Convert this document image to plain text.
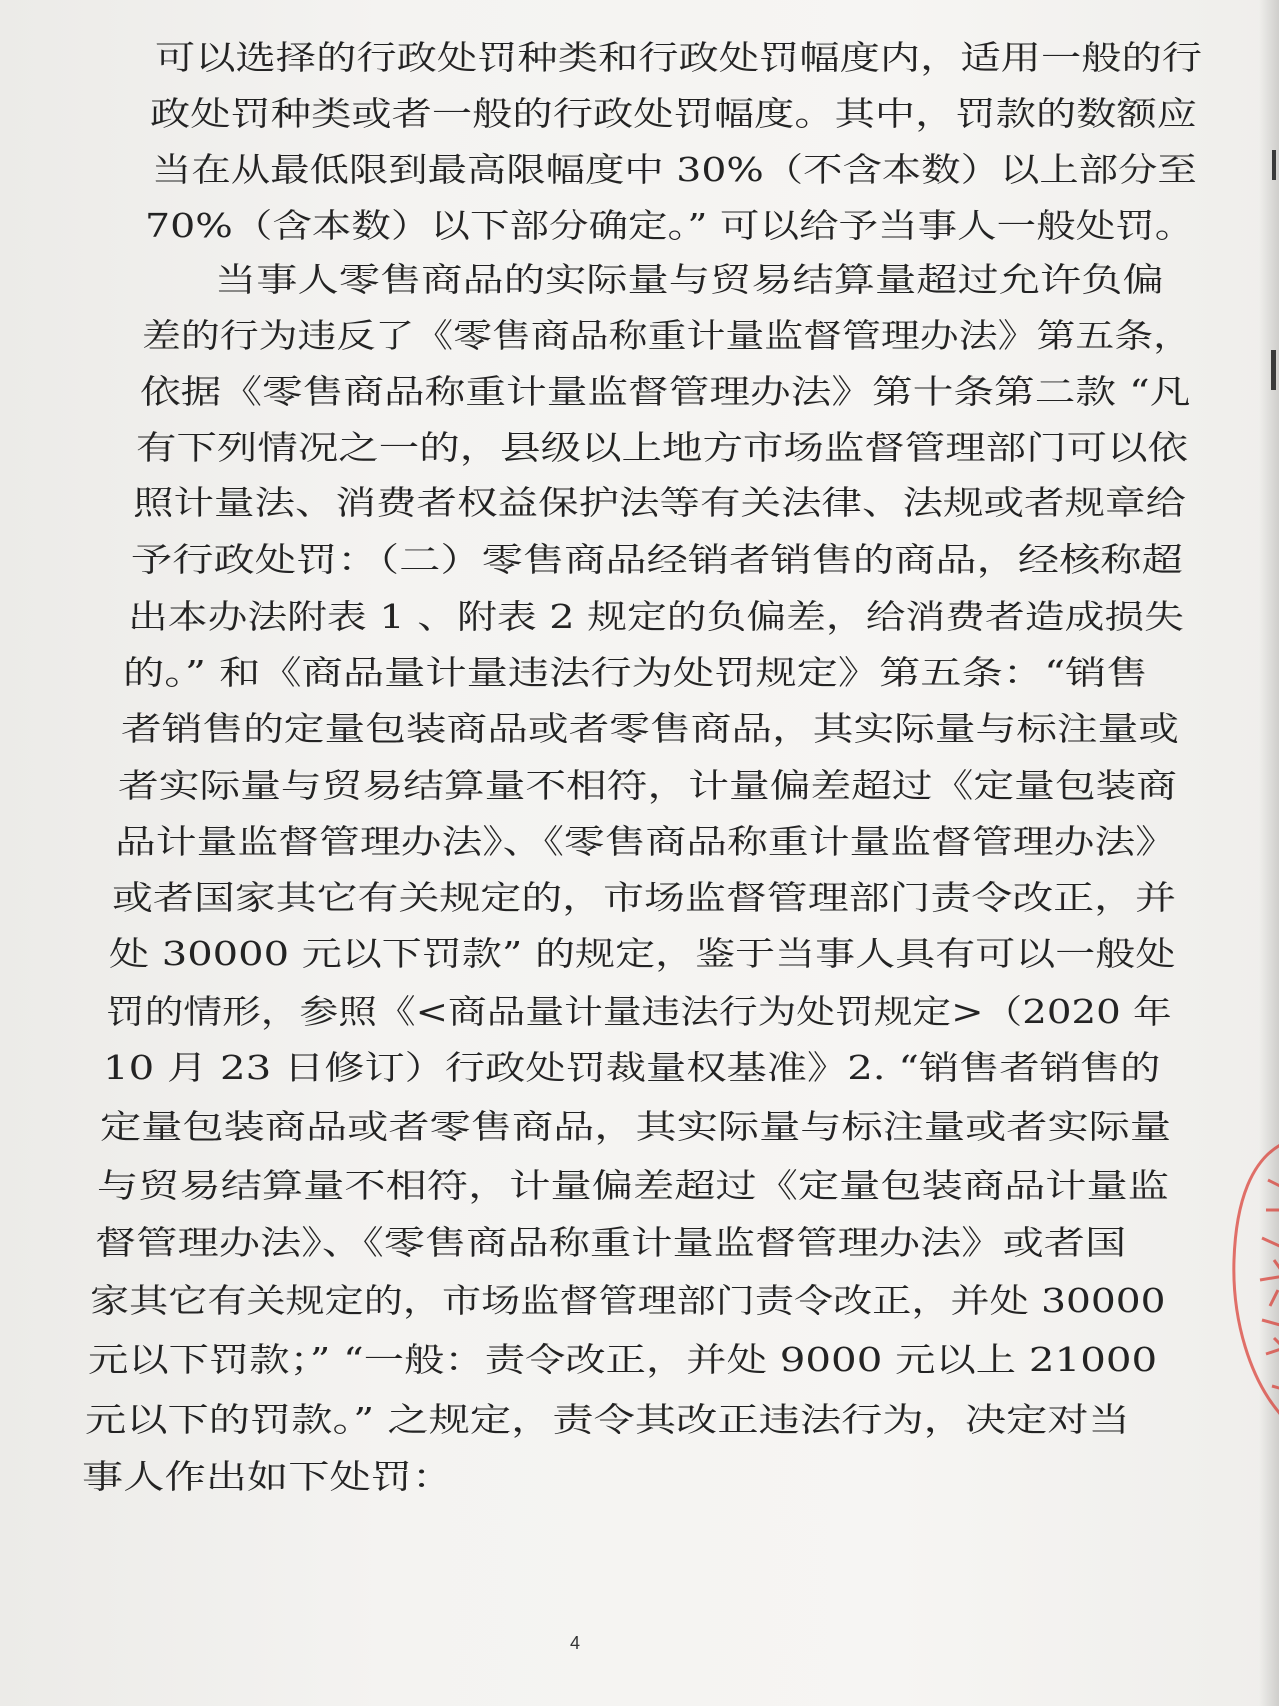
可以选择的行政处罚种类和行政处罚幅度内，适用一般的行
政处罚种类或者一般的行政处罚幅度。其中，罚款的数额应
当在从最低限到最高限幅度中 30%（不含本数）以上部分至
70%（含本数）以下部分确定。” 可以给予当事人一般处罚。
当事人零售商品的实际量与贸易结算量超过允许负偏
差的行为违反了《零售商品称重计量监督管理办法》第五条，
依据《零售商品称重计量监督管理办法》第十条第二款 “凡
有下列情况之一的，县级以上地方市场监督管理部门可以依
照计量法、消费者权益保护法等有关法律、法规或者规章给
予行政处罚：（二）零售商品经销者销售的商品，经核称超
出本办法附表 1 、附表 2 规定的负偏差，给消费者造成损失
的。” 和《商品量计量违法行为处罚规定》第五条：“销售
者销售的定量包装商品或者零售商品，其实际量与标注量或
者实际量与贸易结算量不相符，计量偏差超过《定量包装商
品计量监督管理办法》、《零售商品称重计量监督管理办法》
或者国家其它有关规定的，市场监督管理部门责令改正，并
处 30000 元以下罚款” 的规定，鉴于当事人具有可以一般处
罚的情形，参照《<商品量计量违法行为处罚规定>（2020 年
10 月 23 日修订）行政处罚裁量权基准》2. “销售者销售的
定量包装商品或者零售商品，其实际量与标注量或者实际量
与贸易结算量不相符，计量偏差超过《定量包装商品计量监
督管理办法》、《零售商品称重计量监督管理办法》或者国
家其它有关规定的，市场监督管理部门责令改正，并处 30000
元以下罚款；” “一般：责令改正，并处 9000 元以上 21000
元以下的罚款。” 之规定，责令其改正违法行为，决定对当
事人作出如下处罚：
4
